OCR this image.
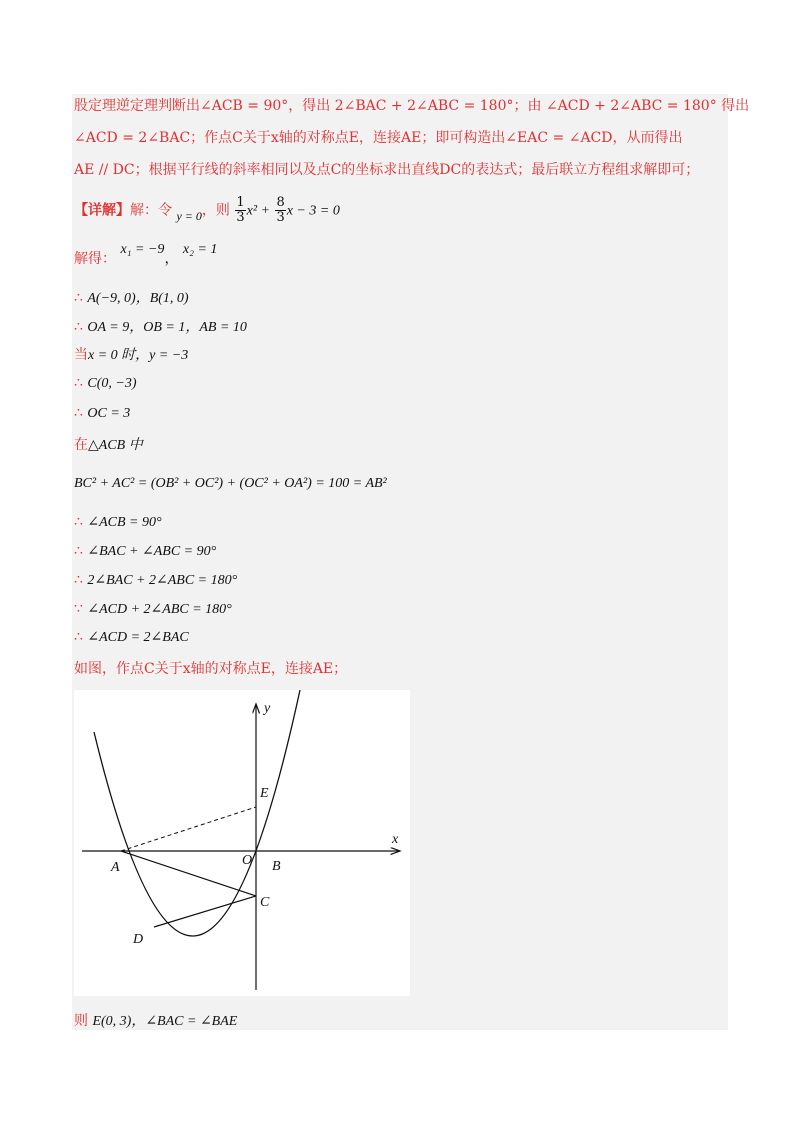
股定理逆定理判断出∠ACB = 90°，得出 2∠BAC + 2∠ABC = 180°；由 ∠ACD + 2∠ABC = 180° 得出
∠ACD = 2∠BAC；作点C关于x轴的对称点E，连接AE；即可构造出∠EAC = ∠ACD，从而得出
AE // DC；根据平行线的斜率相同以及点C的坐标求出直线DC的表达式；最后联立方程组求解即可；
【详解】解：令 y = 0，则 $\frac{1}{3} x^2 + \frac{8}{3}$ x − 3 = 0
解得： x₁ = −9， x₂ = 1
∴ A(−9, 0)，B(1, 0)
∴ OA = 9，OB = 1，AB = 10
当x = 0 时，y = −3
∴ C(0, −3)
∴ OC = 3
在△ACB 中
BC² + AC² = (OB² + OC²) + (OC² + OA²) = 100 = AB²
∴ ∠ACB = 90°
∴ ∠BAC + ∠ABC = 90°
∴ 2∠BAC + 2∠ABC = 180°
∵ ∠ACD + 2∠ABC = 180°
∴ ∠ACD = 2∠BAC
如图，作点C关于x轴的对称点E，连接AE；
y
x
E
O
A	B
C
D
则 E(0, 3)，∠BAC = ∠BAE
